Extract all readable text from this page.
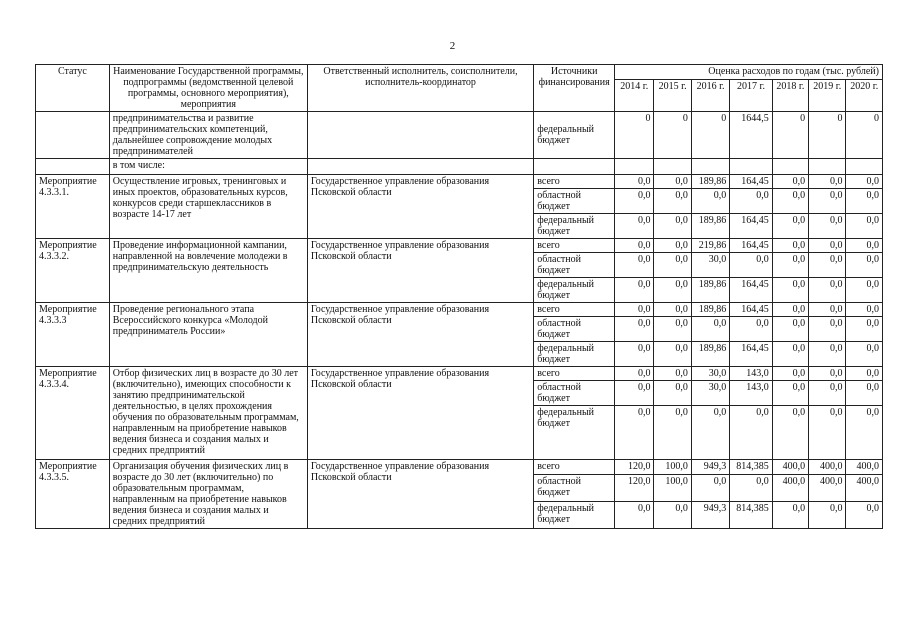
2
Статус	Наименование Государственной программы, подпрограммы (ведомственной целевой программы, основного мероприятия), мероприятия	Ответственный исполнитель, соисполнители, исполнитель-координатор	Источники финансирования	Оценка расходов по годам (тыс. рублей)						
				2014 г.	2015 г.	2016 г.	2017 г.	2018 г.	2019 г.	2020 г.
	предпринимательства и развитие предпринимательских компетенций, дальнейшее сопровождение молодых предпринимателей		федеральный бюджет	0	0	0	1644,5	0	0	0
	в том числе:									
Мероприятие 4.3.3.1.	Осуществление игровых, тренинговых и иных проектов, образовательных курсов, конкурсов среди старшеклассников в возрасте 14-17 лет	Государственное управление образования Псковской области	всего	0,0	0,0	189,86	164,45	0,0	0,0	0,0
			областной бюджет	0,0	0,0	0,0	0,0	0,0	0,0	0,0
			федеральный бюджет	0,0	0,0	189,86	164,45	0,0	0,0	0,0
Мероприятие 4.3.3.2.	Проведение информационной кампании, направленной на вовлечение молодежи в предпринимательскую деятельность	Государственное управление образования Псковской области	всего	0,0	0,0	219,86	164,45	0,0	0,0	0,0
			областной бюджет	0,0	0,0	30,0	0,0	0,0	0,0	0,0
			федеральный бюджет	0,0	0,0	189,86	164,45	0,0	0,0	0,0
Мероприятие 4.3.3.3	Проведение регионального этапа Всероссийского конкурса «Молодой предприниматель России»	Государственное управление образования Псковской области	всего	0,0	0,0	189,86	164,45	0,0	0,0	0,0
			областной бюджет	0,0	0,0	0,0	0,0	0,0	0,0	0,0
			федеральный бюджет	0,0	0,0	189,86	164,45	0,0	0,0	0,0
Мероприятие 4.3.3.4.	Отбор физических лиц в возрасте до 30 лет (включительно), имеющих способности к занятию предпринимательской деятельностью, в целях прохождения обучения по образовательным программам, направленным на приобретение навыков ведения бизнеса и создания малых и средних предприятий	Государственное управление образования Псковской области	всего	0,0	0,0	30,0	143,0	0,0	0,0	0,0
			областной бюджет	0,0	0,0	30,0	143,0	0,0	0,0	0,0
			федеральный бюджет	0,0	0,0	0,0	0,0	0,0	0,0	0,0
Мероприятие 4.3.3.5.	Организация обучения физических лиц в возрасте до 30 лет (включительно) по образовательным программам, направленным на приобретение навыков ведения бизнеса и создания малых и средних предприятий	Государственное управление образования Псковской области	всего	120,0	100,0	949,3	814,385	400,0	400,0	400,0
			областной бюджет	120,0	100,0	0,0	0,0	400,0	400,0	400,0
			федеральный бюджет	0,0	0,0	949,3	814,385	0,0	0,0	0,0
